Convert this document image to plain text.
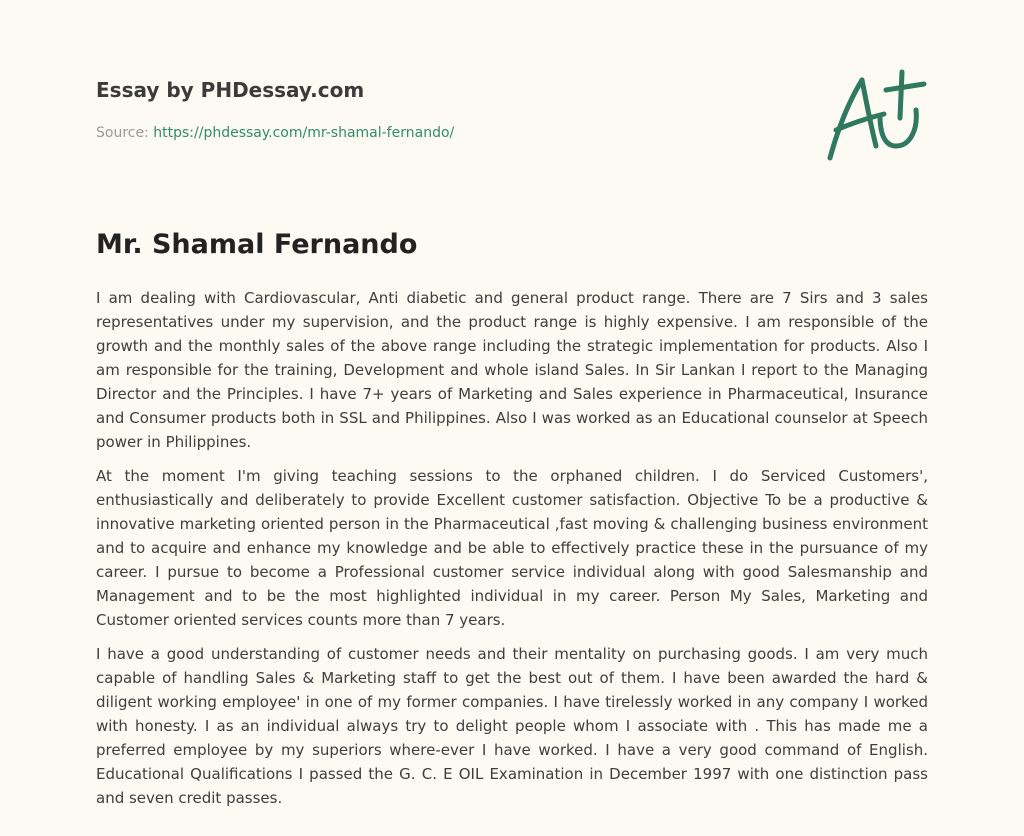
Essay by PHDessay.com
Source: https://phdessay.com/mr-shamal-fernando/
Mr. Shamal Fernando

I am dealing with Cardiovascular, Anti diabetic and general product range. There are 7 Sirs and 3 sales representatives under my supervision, and the product range is highly expensive. I am responsible of the growth and the monthly sales of the above range including the strategic implementation for products. Also I am responsible for the training, Development and whole island Sales. In Sir Lankan I report to the Managing Director and the Principles. I have 7+ years of Marketing and Sales experience in Pharmaceutical, Insurance and Consumer products both in SSL and Philippines. Also I was worked as an Educational counselor at Speech power in Philippines.

At the moment I'm giving teaching sessions to the orphaned children. I do Serviced Customers', enthusiastically and deliberately to provide Excellent customer satisfaction. Objective To be a productive & innovative marketing oriented person in the Pharmaceutical ,fast moving & challenging business environment and to acquire and enhance my knowledge and be able to effectively practice these in the pursuance of my career. I pursue to become a Professional customer service individual along with good Salesmanship and Management and to be the most highlighted individual in my career. Person My Sales, Marketing and Customer oriented services counts more than 7 years.

I have a good understanding of customer needs and their mentality on purchasing goods. I am very much capable of handling Sales & Marketing staff to get the best out of them. I have been awarded the hard & diligent working employee' in one of my former companies. I have tirelessly worked in any company I worked with honesty. I as an individual always try to delight people whom I associate with . This has made me a preferred employee by my superiors where-ever I have worked. I have a very good command of English. Educational Qualifications I passed the G. C. E OIL Examination in December 1997 with one distinction pass and seven credit passes.
